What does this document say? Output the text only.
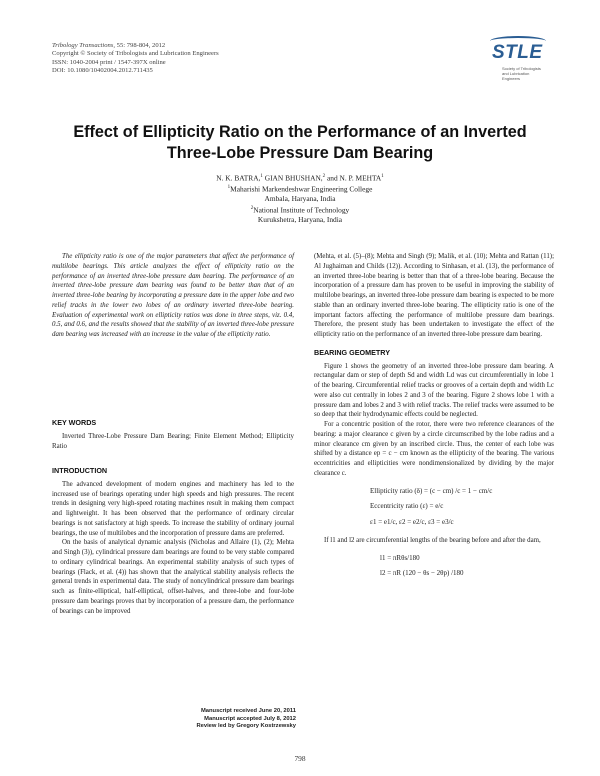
Tribology Transactions, 55: 798-804, 2012
Copyright © Society of Tribologists and Lubrication Engineers
ISSN: 1040-2004 print / 1547-397X online
DOI: 10.1080/10402004.2012.711435
STLE
Society of Tribologists and Lubrication Engineers
Effect of Ellipticity Ratio on the Performance of an Inverted
Three-Lobe Pressure Dam Bearing
N. K. BATRA,$^1$ GIAN BHUSHAN,$^2$ and N. P. MEHTA$^1$
$^1$Maharishi Markendeshwar Engineering College
Ambala, Haryana, India
$^2$National Institute of Technology
Kurukshetra, Haryana, India
The ellipticity ratio is one of the major parameters that affect the performance of multilobe bearings. This article analyzes the effect of ellipticity ratio on the performance of an inverted three-lobe pressure dam bearing. The performance of an inverted three-lobe pressure dam bearing was found to be better than that of an inverted three-lobe bearing by incorporating a pressure dam in the upper lobe and two relief tracks in the lower two lobes of an ordinary inverted three-lobe bearing. Evaluation of experimental work on ellipticity ratios was done in three steps, viz. 0.4, 0.5, and 0.6, and the results showed that the stability of an inverted three-lobe pressure dam bearing was increased with an increase in the value of the ellipticity ratio.
KEY WORDS

Inverted Three-Lobe Pressure Dam Bearing; Finite Element Method; Ellipticity Ratio

INTRODUCTION

The advanced development of modern engines and machinery has led to the increased use of bearings operating under high speeds and high pressures. The recent trends in designing very high-speed rotating machines result in making them compact and lightweight. It has been observed that the performance of ordinary circular bearings is not satisfactory at high speeds. To increase the stability of ordinary journal bearings, the use of multilobes and the incorporation of pressure dams are preferred.

On the basis of analytical dynamic analysis (Nicholas and Allaire (1), (2); Mehta and Singh (3)), cylindrical pressure dam bearings are found to be very stable compared to ordinary cylindrical bearings. An experimental stability analysis of such types of bearings (Flack, et al. (4)) has shown that the analytical stability analysis reflects the general trends in experimental data. The study of noncylindrical pressure dam bearings such as finite-elliptical, half-elliptical, offset-halves, and three-lobe and four-lobe pressure dam bearings proves that by incorporation of a pressure dam, the performance of bearings can be improved

Manuscript received June 20, 2011
Manuscript accepted July 8, 2012
Review led by Gregory Kostrzewsky

(Mehta, et al. (5)–(8); Mehta and Singh (9); Malik, et al. (10); Mehta and Rattan (11); Al Jughaiman and Childs (12)). According to Sinhasan, et al. (13), the performance of an inverted three-lobe bearing is better than that of a three-lobe bearing. Because the incorporation of a pressure dam has proven to be useful in improving the stability of multilobe bearings, an inverted three-lobe pressure dam bearing is expected to be more stable than an ordinary inverted three-lobe bearing. The ellipticity ratio is one of the important factors affecting the performance of multilobe pressure dam bearings. Therefore, the present study has been undertaken to investigate the effect of the ellipticity ratio on the performance of an inverted three-lobe pressure dam bearing.

BEARING GEOMETRY

Figure 1 shows the geometry of an inverted three-lobe pressure dam bearing. A rectangular dam or step of depth Sd and width Ld was cut circumferentially in lobe 1 of the bearing. Circumferential relief tracks or grooves of a certain depth and width Lc were also cut centrally in lobes 2 and 3 of the bearing. Figure 2 shows lobe 1 with a pressure dam and lobes 2 and 3 with relief tracks. The relief tracks were assumed to be so deep that their hydrodynamic effects could be neglected.

For a concentric position of the rotor, there were two reference clearances of the bearing: a major clearance c given by a circle circumscribed by the lobe radius and a minor clearance cm given by an inscribed circle. Thus, the center of each lobe was shifted by a distance ep = c − cm known as the ellipticity of the bearing. The various eccentricities and ellipticities were nondimensionalized by dividing by the major clearance c.

Ellipticity ratio (δ) = (c − cm) /c = 1 − cm/c
Eccentricity ratio (ε) = e/c
ε1 = e1/c, ε2 = e2/c, ε3 = e3/c

If l1 and l2 are circumferential lengths of the bearing before and after the dam,

l1 = πRθs/180
l2 = πR (120 − θs − 2θp) /180
798
